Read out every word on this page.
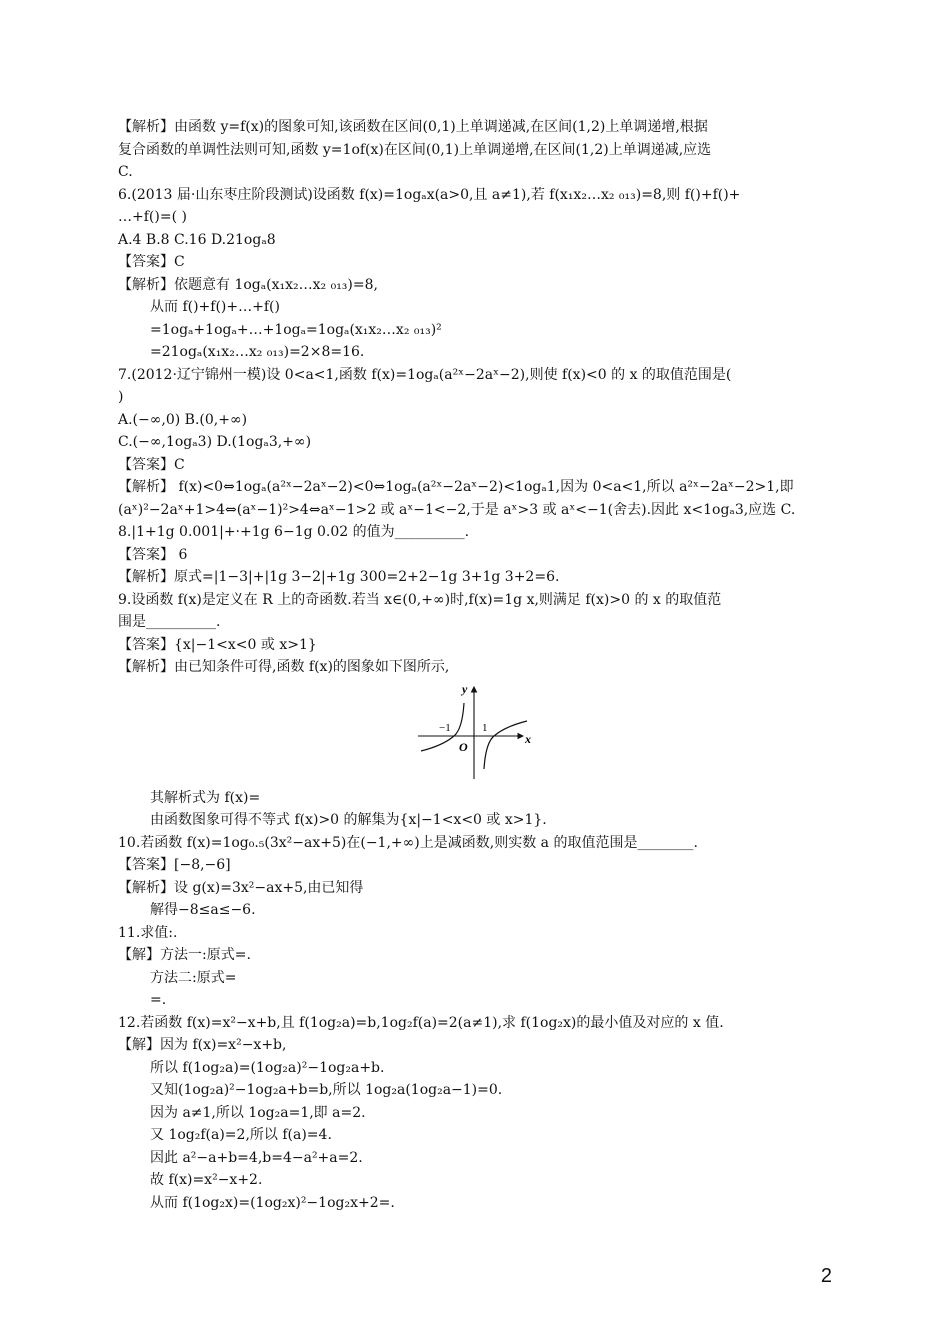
【解析】由函数 y=f(x)的图象可知,该函数在区间(0,1)上单调递减,在区间(1,2)上单调递增,根据
复合函数的单调性法则可知,函数 y=1of(x)在区间(0,1)上单调递增,在区间(1,2)上单调递减,应选
C.
6.(2013 届·山东枣庄阶段测试)设函数 f(x)=1ogₐx(a>0,且 a≠1),若 f(x₁x₂…x₂ ₀₁₃)=8,则 f()+f()+
…+f()=( )
A.4 B.8 C.16 D.21ogₐ8
【答案】C
【解析】依题意有 1ogₐ(x₁x₂…x₂ ₀₁₃)=8,
从而 f()+f()+…+f()
=1ogₐ+1ogₐ+…+1ogₐ=1ogₐ(x₁x₂…x₂ ₀₁₃)²
=21ogₐ(x₁x₂…x₂ ₀₁₃)=2×8=16.
7.(2012·辽宁锦州一模)设 0<a<1,函数 f(x)=1ogₐ(a²ˣ−2aˣ−2),则使 f(x)<0 的 x 的取值范围是(
)
A.(−∞,0) B.(0,+∞)
C.(−∞,1ogₐ3) D.(1ogₐ3,+∞)
【答案】C
【解析】 f(x)<0⇔1ogₐ(a²ˣ−2aˣ−2)<0⇔1ogₐ(a²ˣ−2aˣ−2)<1ogₐ1,因为 0<a<1,所以 a²ˣ−2aˣ−2>1,即
(aˣ)²−2aˣ+1>4⇔(aˣ−1)²>4⇔aˣ−1>2 或 aˣ−1<−2,于是 aˣ>3 或 aˣ<−1(舍去).因此 x<1ogₐ3,应选 C.
8.|1+1g 0.001|+·+1g 6−1g 0.02 的值为__________.
【答案】 6
【解析】原式=|1−3|+|1g 3−2|+1g 300=2+2−1g 3+1g 3+2=6.
9.设函数 f(x)是定义在 R 上的奇函数.若当 x∈(0,+∞)时,f(x)=1g x,则满足 f(x)>0 的 x 的取值范
围是__________.
【答案】{x|−1<x<0 或 x>1}
【解析】由已知条件可得,函数 f(x)的图象如下图所示,
y
x
O
−1	1
其解析式为 f(x)=
由函数图象可得不等式 f(x)>0 的解集为{x|−1<x<0 或 x>1}.
10.若函数 f(x)=1og₀.₅(3x²−ax+5)在(−1,+∞)上是减函数,则实数 a 的取值范围是________.
【答案】[−8,−6]
【解析】设 g(x)=3x²−ax+5,由已知得
解得−8≤a≤−6.
11.求值:.
【解】方法一:原式=.
方法二:原式=
=.
12.若函数 f(x)=x²−x+b,且 f(1og₂a)=b,1og₂f(a)=2(a≠1),求 f(1og₂x)的最小值及对应的 x 值.
【解】因为 f(x)=x²−x+b,
所以 f(1og₂a)=(1og₂a)²−1og₂a+b.
又知(1og₂a)²−1og₂a+b=b,所以 1og₂a(1og₂a−1)=0.
因为 a≠1,所以 1og₂a=1,即 a=2.
又 1og₂f(a)=2,所以 f(a)=4.
因此 a²−a+b=4,b=4−a²+a=2.
故 f(x)=x²−x+2.
从而 f(1og₂x)=(1og₂x)²−1og₂x+2=.
2
